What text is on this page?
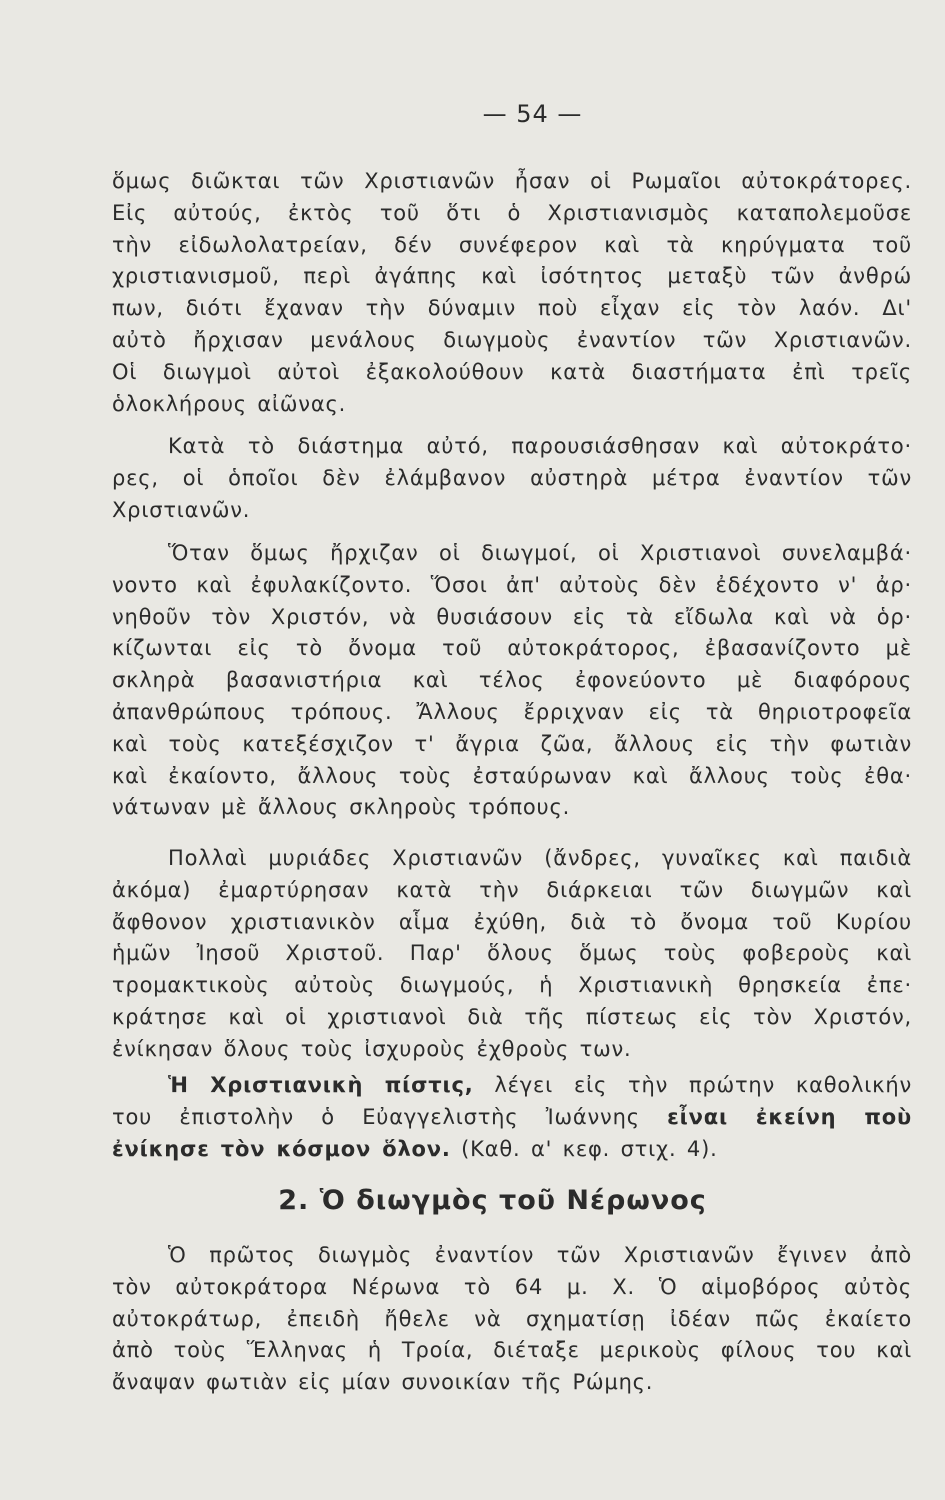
— 54 —
ὅμως διῶκται τῶν Χριστιανῶν ἦσαν οἱ Ρωμαῖοι αὐτοκράτορες.
Εἰς αὐτούς, ἐκτὸς τοῦ ὅτι ὁ Χριστιανισμὸς καταπολεμοῦσε
τὴν εἰδωλολατρείαν, δέν συνέφερον καὶ τὰ κηρύγματα τοῦ
χριστιανισμοῦ, περὶ ἀγάπης καὶ ἰσότητος μεταξὺ τῶν ἀνθρώ
πων, διότι ἔχαναν τὴν δύναμιν ποὺ εἶχαν εἰς τὸν λαόν. Δι'
αὐτὸ ἤρχισαν μενάλους διωγμοὺς ἐναντίον τῶν Χριστιανῶν.
Οἱ διωγμοὶ αὐτοὶ ἐξακολούθουν κατὰ διαστήματα ἐπὶ τρεῖς
ὁλοκλήρους αἰῶνας.
Κατὰ τὸ διάστημα αὐτό, παρουσιάσθησαν καὶ αὐτοκράτο·
ρες, οἱ ὁποῖοι δὲν ἐλάμβανον αὐστηρὰ μέτρα ἐναντίον τῶν
Χριστιανῶν.
Ὅταν ὅμως ἤρχιζαν οἱ διωγμοί, οἱ Χριστιανοὶ συνελαμβά·
νοντο καὶ ἐφυλακίζοντο. Ὅσοι ἀπ' αὐτοὺς δὲν ἐδέχοντο ν' ἀρ·
νηθοῦν τὸν Χριστόν, νὰ θυσιάσουν εἰς τὰ εἴδωλα καὶ νὰ ὁρ·
κίζωνται εἰς τὸ ὄνομα τοῦ αὐτοκράτορος, ἐβασανίζοντο μὲ
σκληρὰ βασανιστήρια καὶ τέλος ἐφονεύοντο μὲ διαφόρους
ἀπανθρώπους τρόπους. Ἄλλους ἔρριχναν εἰς τὰ θηριοτροφεῖα
καὶ τοὺς κατεξέσχιζον τ' ἄγρια ζῶα, ἄλλους εἰς τὴν φωτιὰν
καὶ ἐκαίοντο, ἄλλους τοὺς ἐσταύρωναν καὶ ἄλλους τοὺς ἐθα·
νάτωναν μὲ ἄλλους σκληροὺς τρόπους.
Πολλαὶ μυριάδες Χριστιανῶν (ἄνδρες, γυναῖκες καὶ παιδιὰ
ἀκόμα) ἐμαρτύρησαν κατὰ τὴν διάρκειαι τῶν διωγμῶν καὶ
ἄφθονον χριστιανικὸν αἷμα ἐχύθη, διὰ τὸ ὄνομα τοῦ Κυρίου
ἡμῶν Ἰησοῦ Χριστοῦ. Παρ' ὅλους ὅμως τοὺς φοβεροὺς καὶ
τρομακτικοὺς αὐτοὺς διωγμούς, ἡ Χριστιανικὴ θρησκεία ἐπε·
κράτησε καὶ οἱ χριστιανοὶ διὰ τῆς πίστεως εἰς τὸν Χριστόν,
ἐνίκησαν ὅλους τοὺς ἰσχυροὺς ἐχθροὺς των.
Ἡ Χριστιανικὴ πίστις, λέγει εἰς τὴν πρώτην καθολικήν
του ἐπιστολὴν ὁ Εὐαγγελιστὴς Ἰωάννης εἶναι ἐκείνη ποὺ
ἐνίκησε τὸν κόσμον ὅλον. (Καθ. α' κεφ. στιχ. 4).
2. Ὁ διωγμὸς τοῦ Νέρωνος
Ὁ πρῶτος διωγμὸς ἐναντίον τῶν Χριστιανῶν ἔγινεν ἀπὸ
τὸν αὐτοκράτορα Νέρωνα τὸ 64 μ. Χ. Ὁ αἱμοβόρος αὐτὸς
αὐτοκράτωρ, ἐπειδὴ ἤθελε νὰ σχηματίσῃ ἰδέαν πῶς ἐκαίετο
ἀπὸ τοὺς Ἕλληνας ἡ Τροία, διέταξε μερικοὺς φίλους του καὶ
ἄναψαν φωτιὰν εἰς μίαν συνοικίαν τῆς Ρώμης.
